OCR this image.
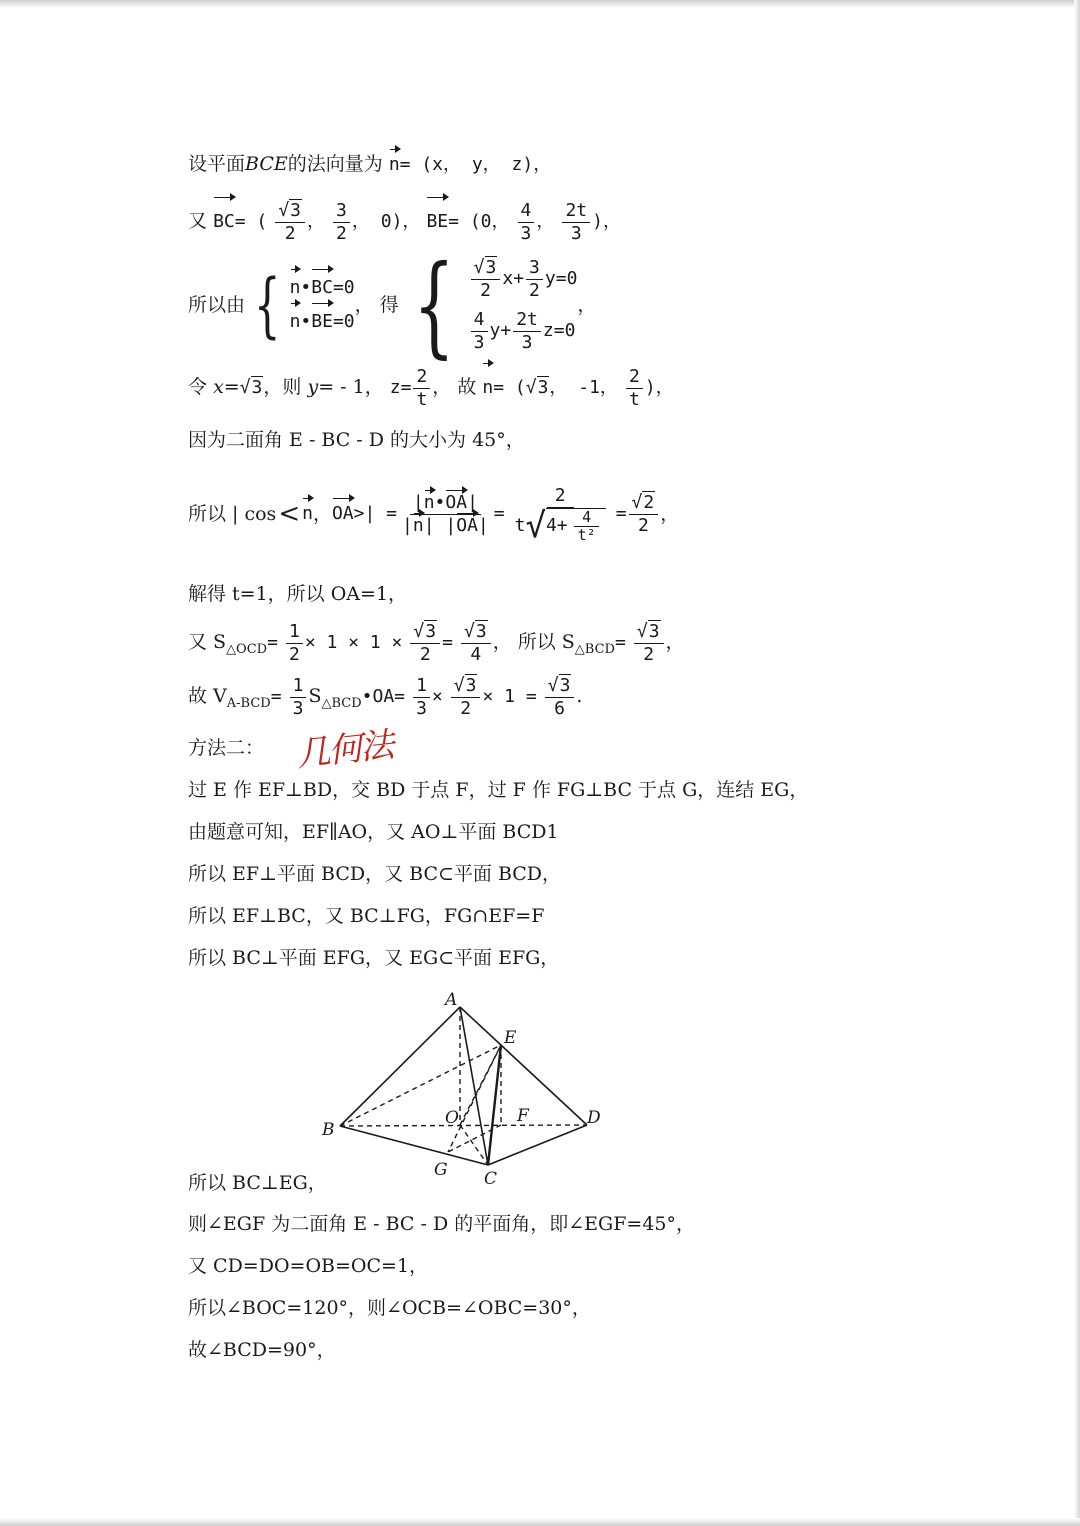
设平面BCE的法向量为 n= (x， y， z)，
又 BC= ( $\frac{√3}{2}$ ， $\frac{3}{2}$ ， 0)， BE= (0， $\frac{4}{3}$ ， $\frac{2t}{3}$ )，
所以由 { n•BC=0
n•BE=0
， 得 { $\frac{√3}{2} x+ \frac{3}{2} y=0$
$\frac{4}{3} y+ \frac{2t}{3} z=0$
，
令 x=√3，则 y= - 1， $z= \frac{2}{t}$ ， 故 n= (√3， -1， $\frac{2}{t}$ )，
因为二面角 E - BC - D 的大小为 45°，
所以 | cos < n ， OA >| = $\frac{|n•OA|}{|n| |OA|} = \frac{2}{t √ 4+ \frac{4}{\text{t²}}} = \frac{√2}{2}$ ，
解得 t=1，所以 OA=1，
又 $S_{\triangle OCD}= \frac{1}{2} \times 1 \times 1 \times \frac{√3}{2} = \frac{√3}{4}$ ， 所以 $S_{\triangle BCD}= \frac{√3}{2}$ ，
故 $V_{A-BCD}= \frac{1}{3}$ $S_{\triangle BCD}•OA= \frac{1}{3} \times \frac{√3}{2} \times 1 = \frac{√3}{6}$ .
方法二： 几何法
过 E 作 EF⊥BD，交 BD 于点 F，过 F 作 FG⊥BC 于点 G，连结 EG，
由题意可知，EF∥AO，又 AO⊥平面 BCD1
所以 EF⊥平面 BCD，又 BC⊂平面 BCD，
所以 EF⊥BC，又 BC⊥FG，FG∩EF=F
所以 BC⊥平面 EFG，又 EG⊂平面 EFG，
A
E
B
O	F	D
G C
所以 BC⊥EG，
则∠EGF 为二面角 E - BC - D 的平面角，即∠EGF=45°，
又 CD=DO=OB=OC=1，
所以∠BOC=120°，则∠OCB=∠OBC=30°，
故∠BCD=90°，
